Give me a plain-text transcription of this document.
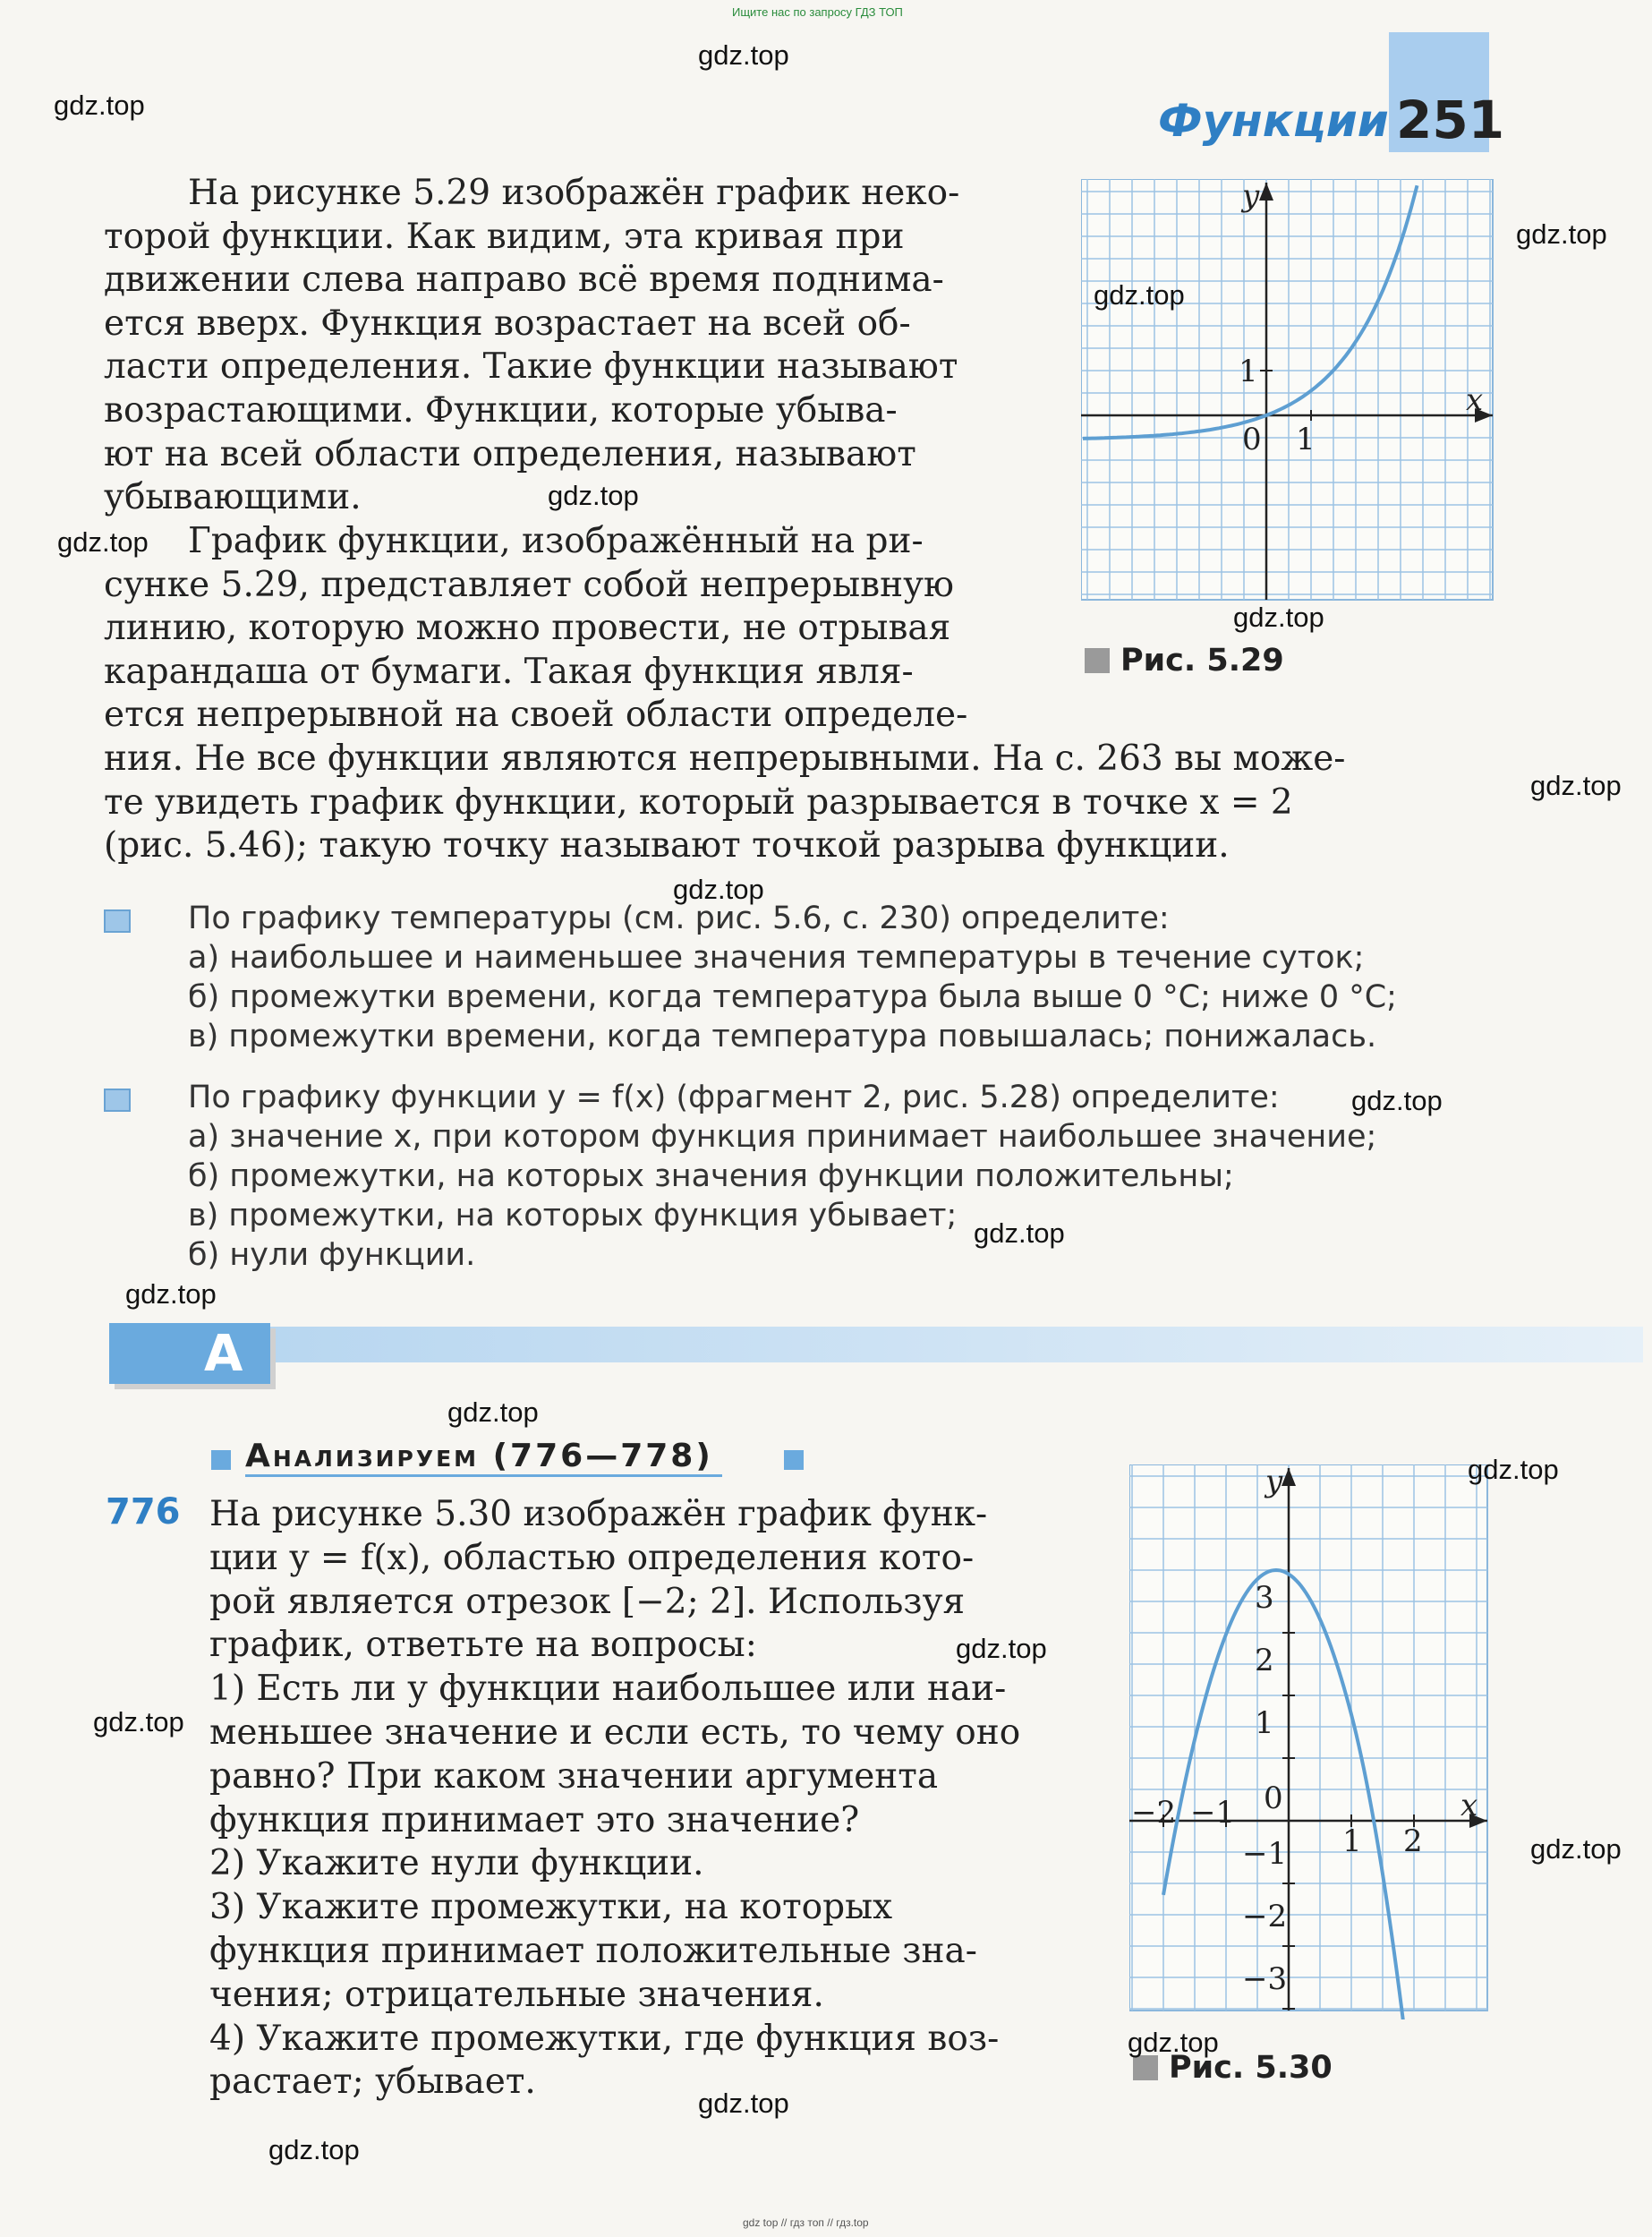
Ищите нас по запросу ГДЗ ТОП
gdz top // гдз топ // гдз.top
Функции 251
На рисунке 5.29 изображён график неко-
торой функции. Как видим, эта кривая при
движении слева направо всё время поднима-
ется вверх. Функция возрастает на всей об-
ласти определения. Такие функции называют
возрастающими. Функции, которые убыва-
ют на всей области определения, называют
убывающими.
График функции, изображённый на ри-
сунке 5.29, представляет собой непрерывную
линию, которую можно провести, не отрывая
карандаша от бумаги. Такая функция явля-
ется непрерывной на своей области определе-
ния. Не все функции являются непрерывными. На с. 263 вы може-
те увидеть график функции, который разрывается в точке x = 2
(рис. 5.46); такую точку называют точкой разрыва функции.
y
x
0 1
1
Рис. 5.29
По графику температуры (см. рис. 5.6, с. 230) определите:
а) наибольшее и наименьшее значения температуры в течение суток;
б) промежутки времени, когда температура была выше 0 °С; ниже 0 °С;
в) промежутки времени, когда температура повышалась; понижалась.
По графику функции y = f(x) (фрагмент 2, рис. 5.28) определите:
а) значение x, при котором функция принимает наибольшее значение;
б) промежутки, на которых значения функции положительны;
в) промежутки, на которых функция убывает;
б) нули функции.
А
Анализируем (776—778)
776 На рисунке 5.30 изображён график функ-
ции y = f(x), областью определения кото-
рой является отрезок [−2; 2]. Используя
график, ответьте на вопросы:
1) Есть ли у функции наибольшее или наи-
меньшее значение и если есть, то чему оно
равно? При каком значении аргумента
функция принимает это значение?
2) Укажите нули функции.
3) Укажите промежутки, на которых
функция принимает положительные зна-
чения; отрицательные значения.
4) Укажите промежутки, где функция воз-
растает; убывает.
y
x
−2 −1 0
1 2
3
2
1
−1
−2
−3
Рис. 5.30
gdz.top
gdz.top
gdz.top
gdz.top
gdz.top
gdz.top
gdz.top
gdz.top
gdz.top
gdz.top
gdz.top
gdz.top
gdz.top
gdz.top
gdz.top
gdz.top
gdz.top
gdz.top
gdz.top
gdz.top
